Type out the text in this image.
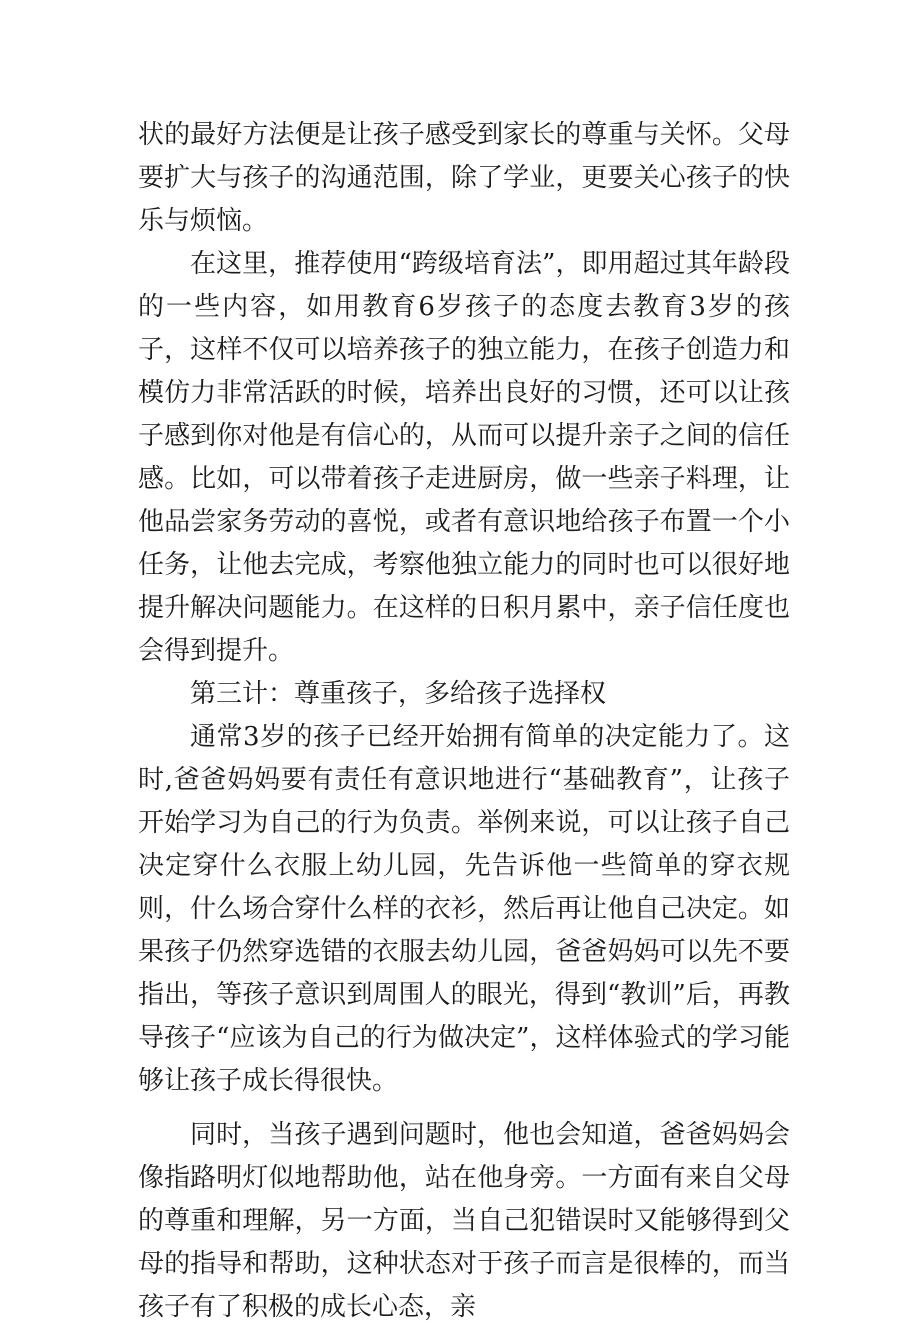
状的最好方法便是让孩子感受到家长的尊重与关怀。父母要扩大与孩子的沟通范围，除了学业，更要关心孩子的快乐与烦恼。

在这里，推荐使用“跨级培育法”，即用超过其年龄段的一些内容，如用教育6岁孩子的态度去教育3岁的孩子，这样不仅可以培养孩子的独立能力，在孩子创造力和模仿力非常活跃的时候，培养出良好的习惯，还可以让孩子感到你对他是有信心的，从而可以提升亲子之间的信任感。比如，可以带着孩子走进厨房，做一些亲子料理，让他品尝家务劳动的喜悦，或者有意识地给孩子布置一个小任务，让他去完成，考察他独立能力的同时也可以很好地提升解决问题能力。在这样的日积月累中，亲子信任度也会得到提升。

第三计：尊重孩子，多给孩子选择权

通常3岁的孩子已经开始拥有简单的决定能力了。这时,爸爸妈妈要有责任有意识地进行“基础教育”，让孩子开始学习为自己的行为负责。举例来说，可以让孩子自己决定穿什么衣服上幼儿园，先告诉他一些简单的穿衣规则，什么场合穿什么样的衣衫，然后再让他自己决定。如果孩子仍然穿选错的衣服去幼儿园，爸爸妈妈可以先不要指出，等孩子意识到周围人的眼光，得到“教训”后，再教导孩子“应该为自己的行为做决定”，这样体验式的学习能够让孩子成长得很快。

同时，当孩子遇到问题时，他也会知道，爸爸妈妈会像指路明灯似地帮助他，站在他身旁。一方面有来自父母的尊重和理解，另一方面，当自己犯错误时又能够得到父母的指导和帮助，这种状态对于孩子而言是很棒的，而当孩子有了积极的成长心态，亲
